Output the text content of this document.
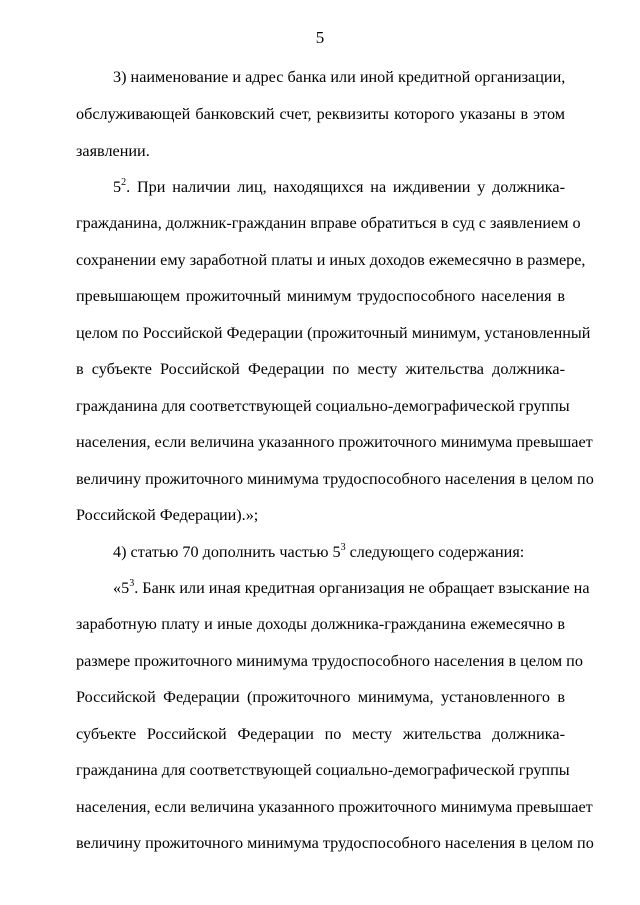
5
3) наименование и адрес банка или иной кредитной организации,
обслуживающей банковский счет, реквизиты которого указаны в этом
заявлении.
$5^2$. При наличии лиц, находящихся на иждивении у должника-
гражданина, должник-гражданин вправе обратиться в суд с заявлением о
сохранении ему заработной платы и иных доходов ежемесячно в размере,
превышающем прожиточный минимум трудоспособного населения в
целом по Российской Федерации (прожиточный минимум, установленный
в субъекте Российской Федерации по месту жительства должника-
гражданина для соответствующей социально-демографической группы
населения, если величина указанного прожиточного минимума превышает
величину прожиточного минимума трудоспособного населения в целом по
Российской Федерации).»;
4) статью 70 дополнить частью $5^3$ следующего содержания:
«$5^3$. Банк или иная кредитная организация не обращает взыскание на
заработную плату и иные доходы должника-гражданина ежемесячно в
размере прожиточного минимума трудоспособного населения в целом по
Российской Федерации (прожиточного минимума, установленного в
субъекте Российской Федерации по месту жительства должника-
гражданина для соответствующей социально-демографической группы
населения, если величина указанного прожиточного минимума превышает
величину прожиточного минимума трудоспособного населения в целом по
